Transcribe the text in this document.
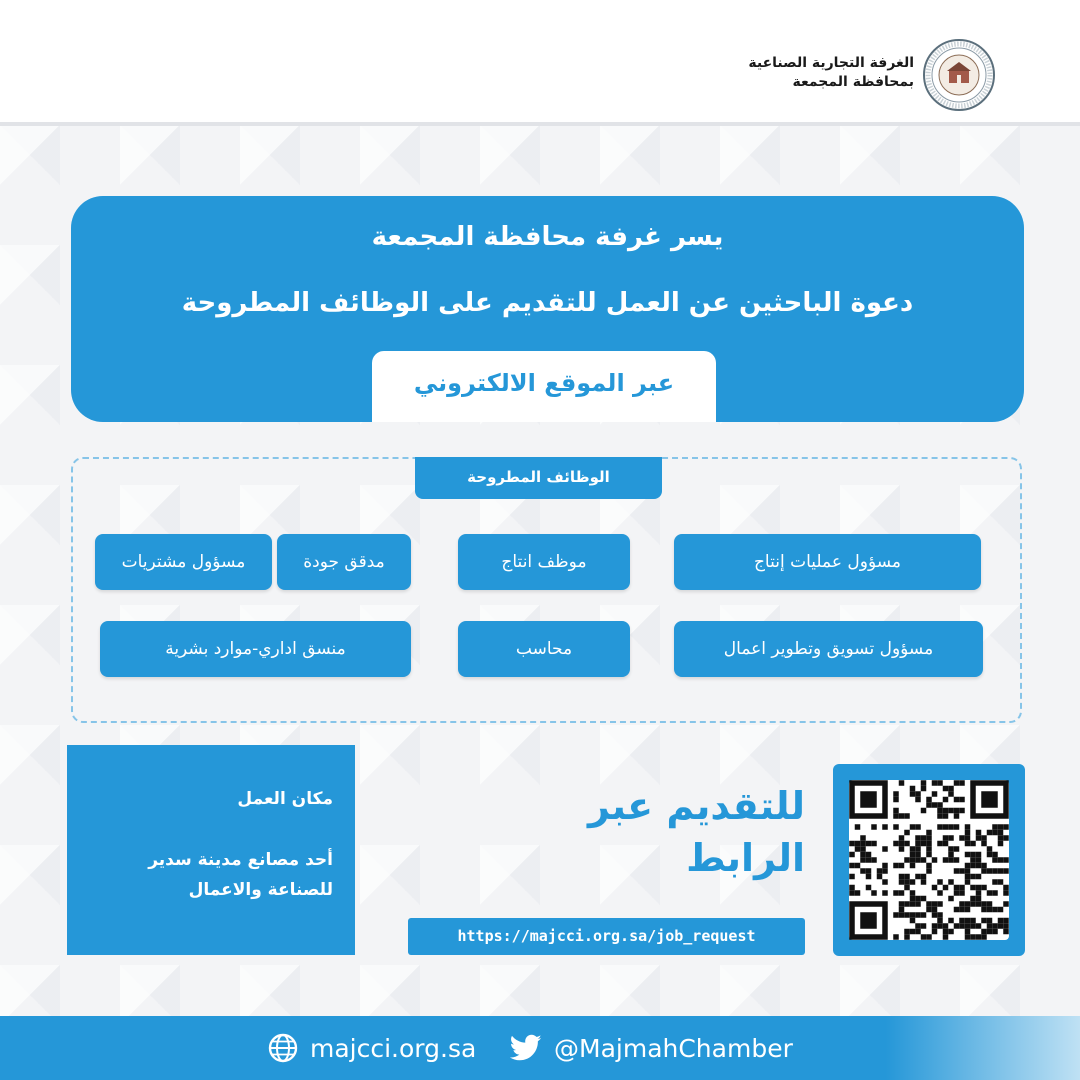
الغرفة التجارية الصناعية
بمحافظة المجمعة
يسر غرفة محافظة المجمعة
دعوة الباحثين عن العمل للتقديم على الوظائف المطروحة
عبر الموقع الالكتروني
الوظائف المطروحة
مسؤول عمليات إنتاج
موظف انتاج
مدقق جودة
مسؤول مشتريات
مسؤول تسويق وتطوير اعمال
محاسب
منسق اداري-موارد بشرية
مكان العمل
أحد مصانع مدينة سدير للصناعة والاعمال
للتقديم عبر الرابط
https://majcci.org.sa/job_request
majcci.org.sa	@MajmahChamber
